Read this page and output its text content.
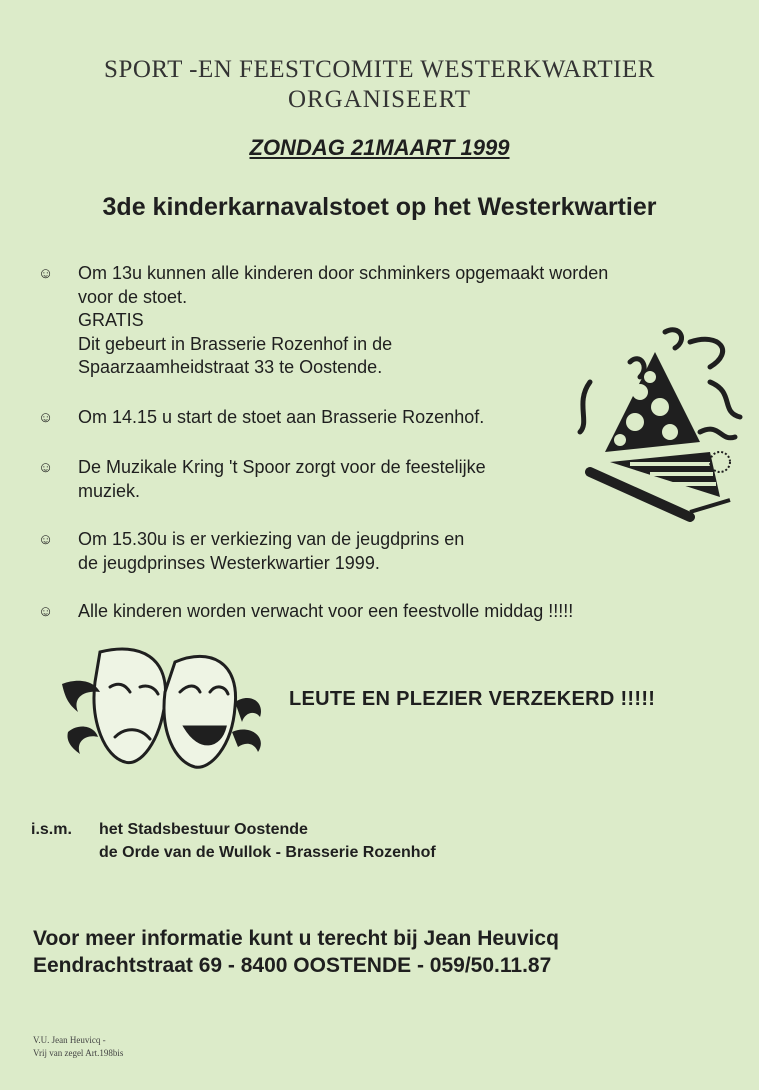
SPORT -EN FEESTCOMITE WESTERKWARTIER
ORGANISEERT
ZONDAG 21MAART 1999
3de kinderkarnavalstoet op het Westerkwartier
☺ Om 13u kunnen alle kinderen door schminkers opgemaakt worden
voor de stoet.
GRATIS
Dit gebeurt in Brasserie Rozenhof in de
Spaarzaamheidstraat 33 te Oostende.
☺ Om 14.15 u start de stoet aan Brasserie Rozenhof.
☺ De Muzikale Kring 't Spoor zorgt voor de feestelijke
muziek.
☺ Om 15.30u is er verkiezing van de jeugdprins en
de jeugdprinses Westerkwartier 1999.
☺ Alle kinderen worden verwacht voor een feestvolle middag !!!!!
LEUTE EN PLEZIER VERZEKERD !!!!!
i.s.m. het Stadsbestuur Oostende
de Orde van de Wullok - Brasserie Rozenhof
Voor meer informatie kunt u terecht bij Jean Heuvicq
Eendrachtstraat 69 - 8400 OOSTENDE - 059/50.11.87
V.U. Jean Heuvicq -
Vrij van zegel Art.198bis
